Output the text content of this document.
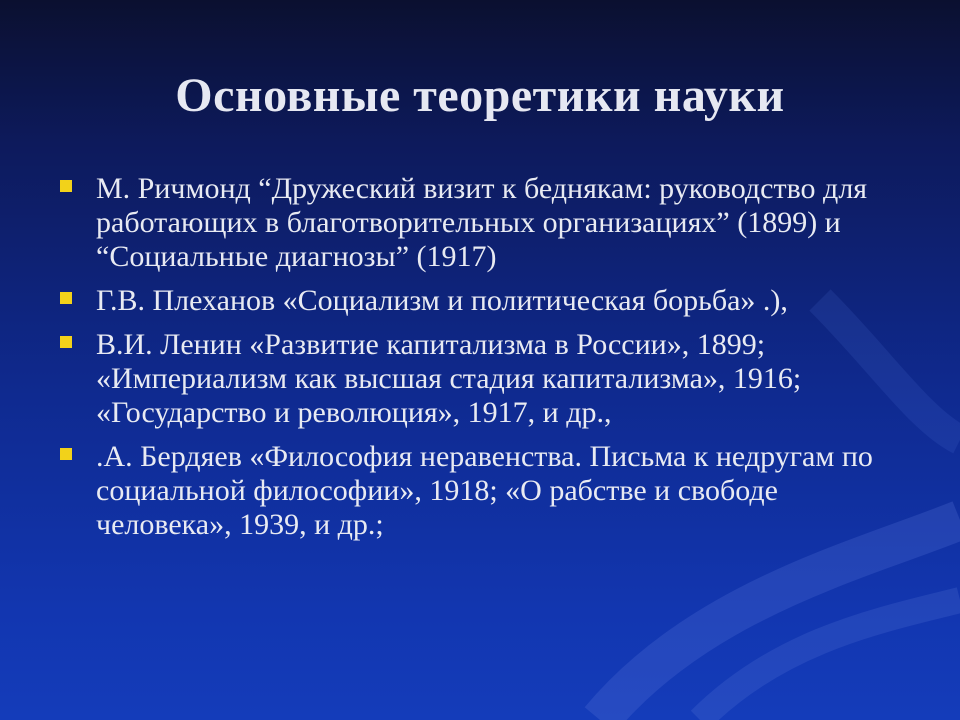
Основные теоретики науки
М. Ричмонд “Дружеский визит к беднякам: руководство для работающих в благотворительных организациях” (1899) и “Социальные диагнозы” (1917)
Г.В. Плеханов «Социализм и политическая борьба» .),
В.И. Ленин «Развитие капитализма в России», 1899; «Империализм как высшая стадия капитализма», 1916; «Государство и революция», 1917, и др.,
.А. Бердяев «Философия неравенства. Письма к недругам по социальной философии», 1918; «О рабстве и свободе человека», 1939, и др.;
